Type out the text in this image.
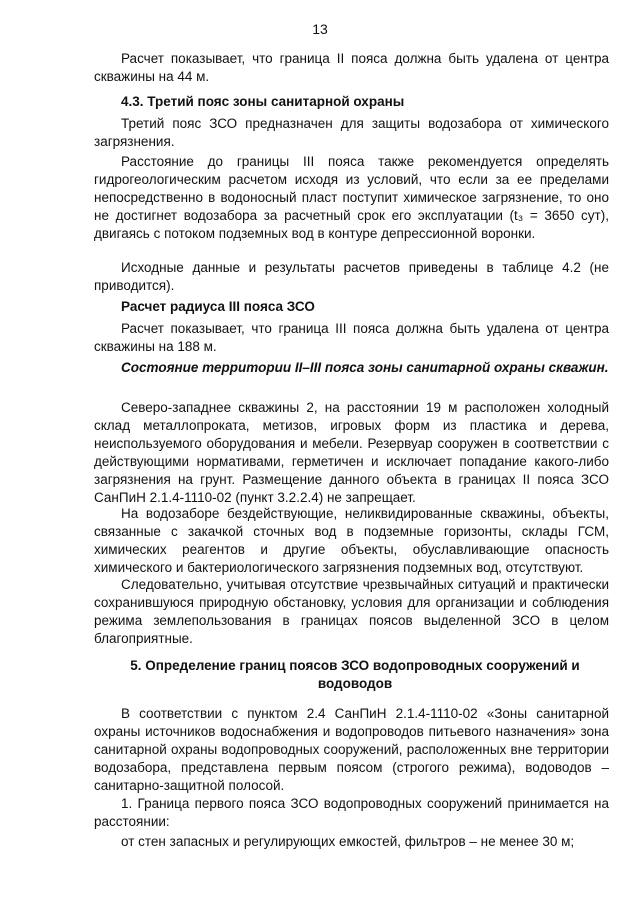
13
Расчет показывает, что граница II пояса должна быть удалена от центра скважины на 44 м.
4.3. Третий пояс зоны санитарной охраны
Третий пояс ЗСО предназначен для защиты водозабора от химического загрязнения.
Расстояние до границы III пояса также рекомендуется определять гидрогеологическим расчетом исходя из условий, что если за ее пределами непосредственно в водоносный пласт поступит химическое загрязнение, то оно не достигнет водозабора за расчетный срок его эксплуатации (t₃ = 3650 сут), двигаясь с потоком подземных вод в контуре депрессионной воронки.
Исходные данные и результаты расчетов приведены в таблице 4.2 (не приводится).
Расчет радиуса III пояса ЗСО
Расчет показывает, что граница III пояса должна быть удалена от центра скважины на 188 м.
Состояние территории II–III пояса зоны санитарной охраны скважин.
Северо-западнее скважины 2, на расстоянии 19 м расположен холодный склад металлопроката, метизов, игровых форм из пластика и дерева, неиспользуемого оборудования и мебели. Резервуар сооружен в соответствии с действующими нормативами, герметичен и исключает попадание какого-либо загрязнения на грунт. Размещение данного объекта в границах II пояса ЗСО СанПиН 2.1.4-1110-02 (пункт 3.2.2.4) не запрещает.
На водозаборе бездействующие, неликвидированные скважины, объекты, связанные с закачкой сточных вод в подземные горизонты, склады ГСМ, химических реагентов и другие объекты, обуславливающие опасность химического и бактериологического загрязнения подземных вод, отсутствуют.
Следовательно, учитывая отсутствие чрезвычайных ситуаций и практически сохранившуюся природную обстановку, условия для организации и соблюдения режима землепользования в границах поясов выделенной ЗСО в целом благоприятные.
5. Определение границ поясов ЗСО водопроводных сооружений и водоводов
В соответствии с пунктом 2.4 СанПиН 2.1.4-1110-02 «Зоны санитарной охраны источников водоснабжения и водопроводов питьевого назначения» зона санитарной охраны водопроводных сооружений, расположенных вне территории водозабора, представлена первым поясом (строгого режима), водоводов – санитарно-защитной полосой.
1. Граница первого пояса ЗСО водопроводных сооружений принимается на расстоянии:
от стен запасных и регулирующих емкостей, фильтров – не менее 30 м;
